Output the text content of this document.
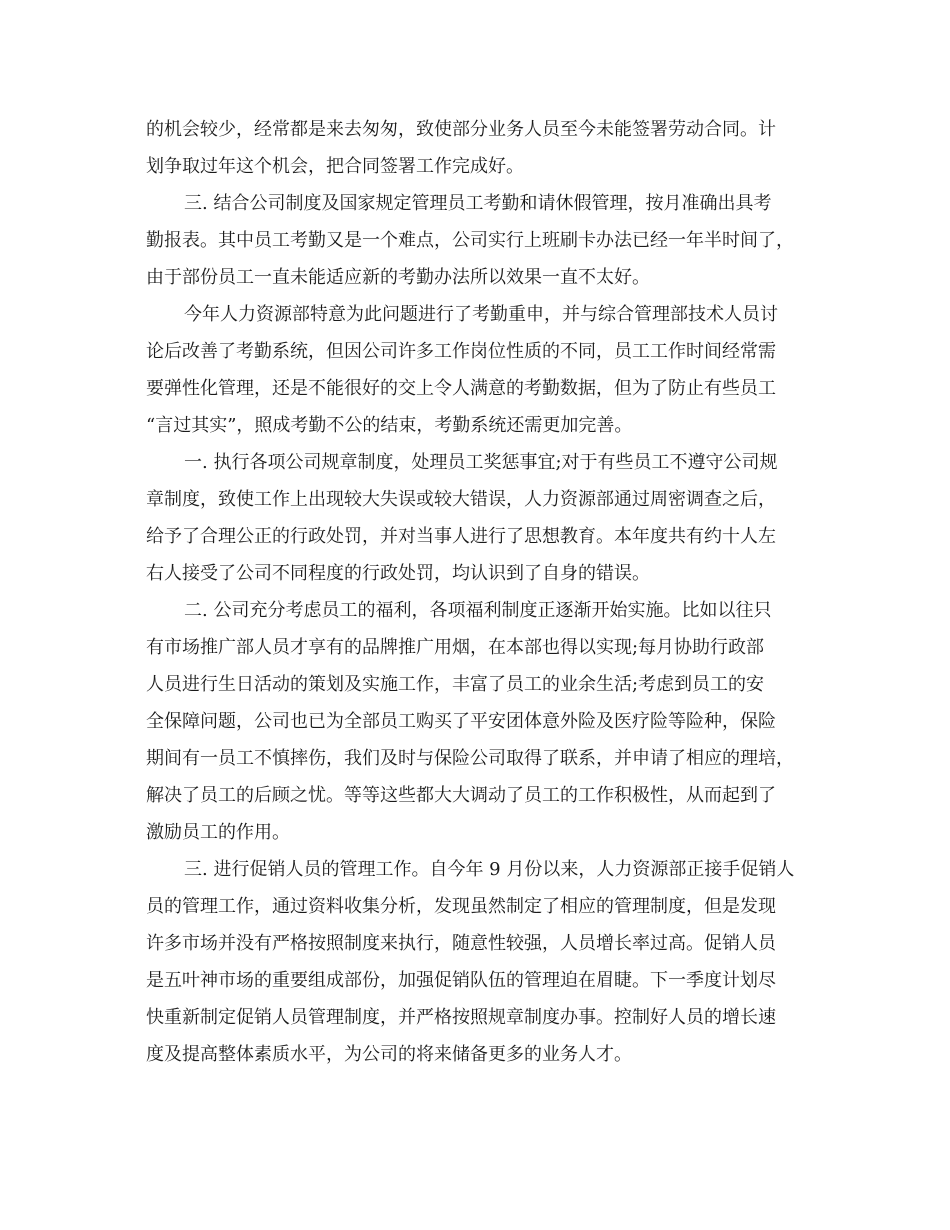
的机会较少，经常都是来去匆匆，致使部分业务人员至今未能签署劳动合同。计
划争取过年这个机会，把合同签署工作完成好。
三. 结合公司制度及国家规定管理员工考勤和请休假管理，按月准确出具考
勤报表。其中员工考勤又是一个难点，公司实行上班刷卡办法已经一年半时间了，
由于部份员工一直未能适应新的考勤办法所以效果一直不太好。
今年人力资源部特意为此问题进行了考勤重申，并与综合管理部技术人员讨
论后改善了考勤系统，但因公司许多工作岗位性质的不同，员工工作时间经常需
要弹性化管理，还是不能很好的交上令人满意的考勤数据，但为了防止有些员工
“言过其实”，照成考勤不公的结束，考勤系统还需更加完善。
一. 执行各项公司规章制度，处理员工奖惩事宜;对于有些员工不遵守公司规
章制度，致使工作上出现较大失误或较大错误，人力资源部通过周密调查之后，
给予了合理公正的行政处罚，并对当事人进行了思想教育。本年度共有约十人左
右人接受了公司不同程度的行政处罚，均认识到了自身的错误。
二. 公司充分考虑员工的福利，各项福利制度正逐渐开始实施。比如以往只
有市场推广部人员才享有的品牌推广用烟，在本部也得以实现;每月协助行政部
人员进行生日活动的策划及实施工作，丰富了员工的业余生活;考虑到员工的安
全保障问题，公司也已为全部员工购买了平安团体意外险及医疗险等险种，保险
期间有一员工不慎摔伤，我们及时与保险公司取得了联系，并申请了相应的理培，
解决了员工的后顾之忧。等等这些都大大调动了员工的工作积极性，从而起到了
激励员工的作用。
三. 进行促销人员的管理工作。自今年 9 月份以来，人力资源部正接手促销人
员的管理工作，通过资料收集分析，发现虽然制定了相应的管理制度，但是发现
许多市场并没有严格按照制度来执行，随意性较强，人员增长率过高。促销人员
是五叶神市场的重要组成部份，加强促销队伍的管理迫在眉睫。下一季度计划尽
快重新制定促销人员管理制度，并严格按照规章制度办事。控制好人员的增长速
度及提高整体素质水平，为公司的将来储备更多的业务人才。
